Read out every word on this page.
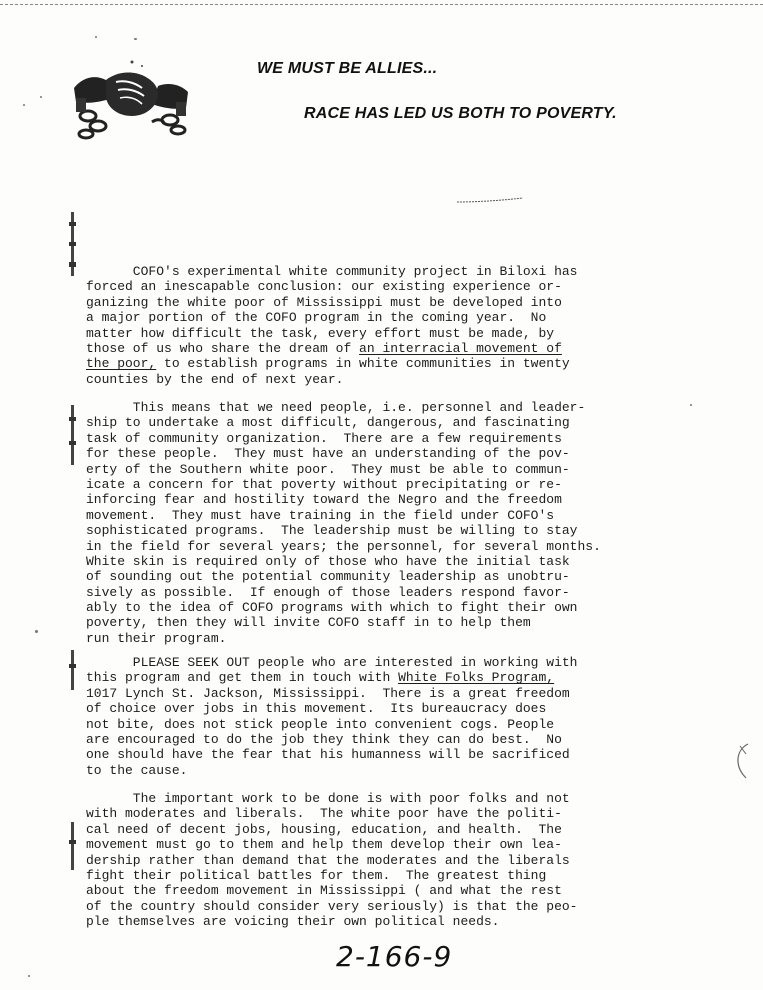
WE MUST BE ALLIES...
RACE HAS LED US BOTH TO POVERTY.
COFO's experimental white community project in Biloxi has
forced an inescapable conclusion: our existing experience or-
ganizing the white poor of Mississippi must be developed into
a major portion of the COFO program in the coming year.  No
matter how difficult the task, every effort must be made, by
those of us who share the dream of an interracial movement of
the poor, to establish programs in white communities in twenty
counties by the end of next year.
This means that we need people, i.e. personnel and leader-
ship to undertake a most difficult, dangerous, and fascinating
task of community organization.  There are a few requirements
for these people.  They must have an understanding of the pov-
erty of the Southern white poor.  They must be able to commun-
icate a concern for that poverty without precipitating or re-
inforcing fear and hostility toward the Negro and the freedom
movement.  They must have training in the field under COFO's
sophisticated programs.  The leadership must be willing to stay
in the field for several years; the personnel, for several months.
White skin is required only of those who have the initial task
of sounding out the potential community leadership as unobtru-
sively as possible.  If enough of those leaders respond favor-
ably to the idea of COFO programs with which to fight their own
poverty, then they will invite COFO staff in to help them
run their program.
PLEASE SEEK OUT people who are interested in working with
this program and get them in touch with White Folks Program,
1017 Lynch St. Jackson, Mississippi.  There is a great freedom
of choice over jobs in this movement.  Its bureaucracy does
not bite, does not stick people into convenient cogs. People
are encouraged to do the job they think they can do best.  No
one should have the fear that his humanness will be sacrificed
to the cause.
The important work to be done is with poor folks and not
with moderates and liberals.  The white poor have the politi-
cal need of decent jobs, housing, education, and health.  The
movement must go to them and help them develop their own lea-
dership rather than demand that the moderates and the liberals
fight their political battles for them.  The greatest thing
about the freedom movement in Mississippi ( and what the rest
of the country should consider very seriously) is that the peo-
ple themselves are voicing their own political needs.
2-166-9
